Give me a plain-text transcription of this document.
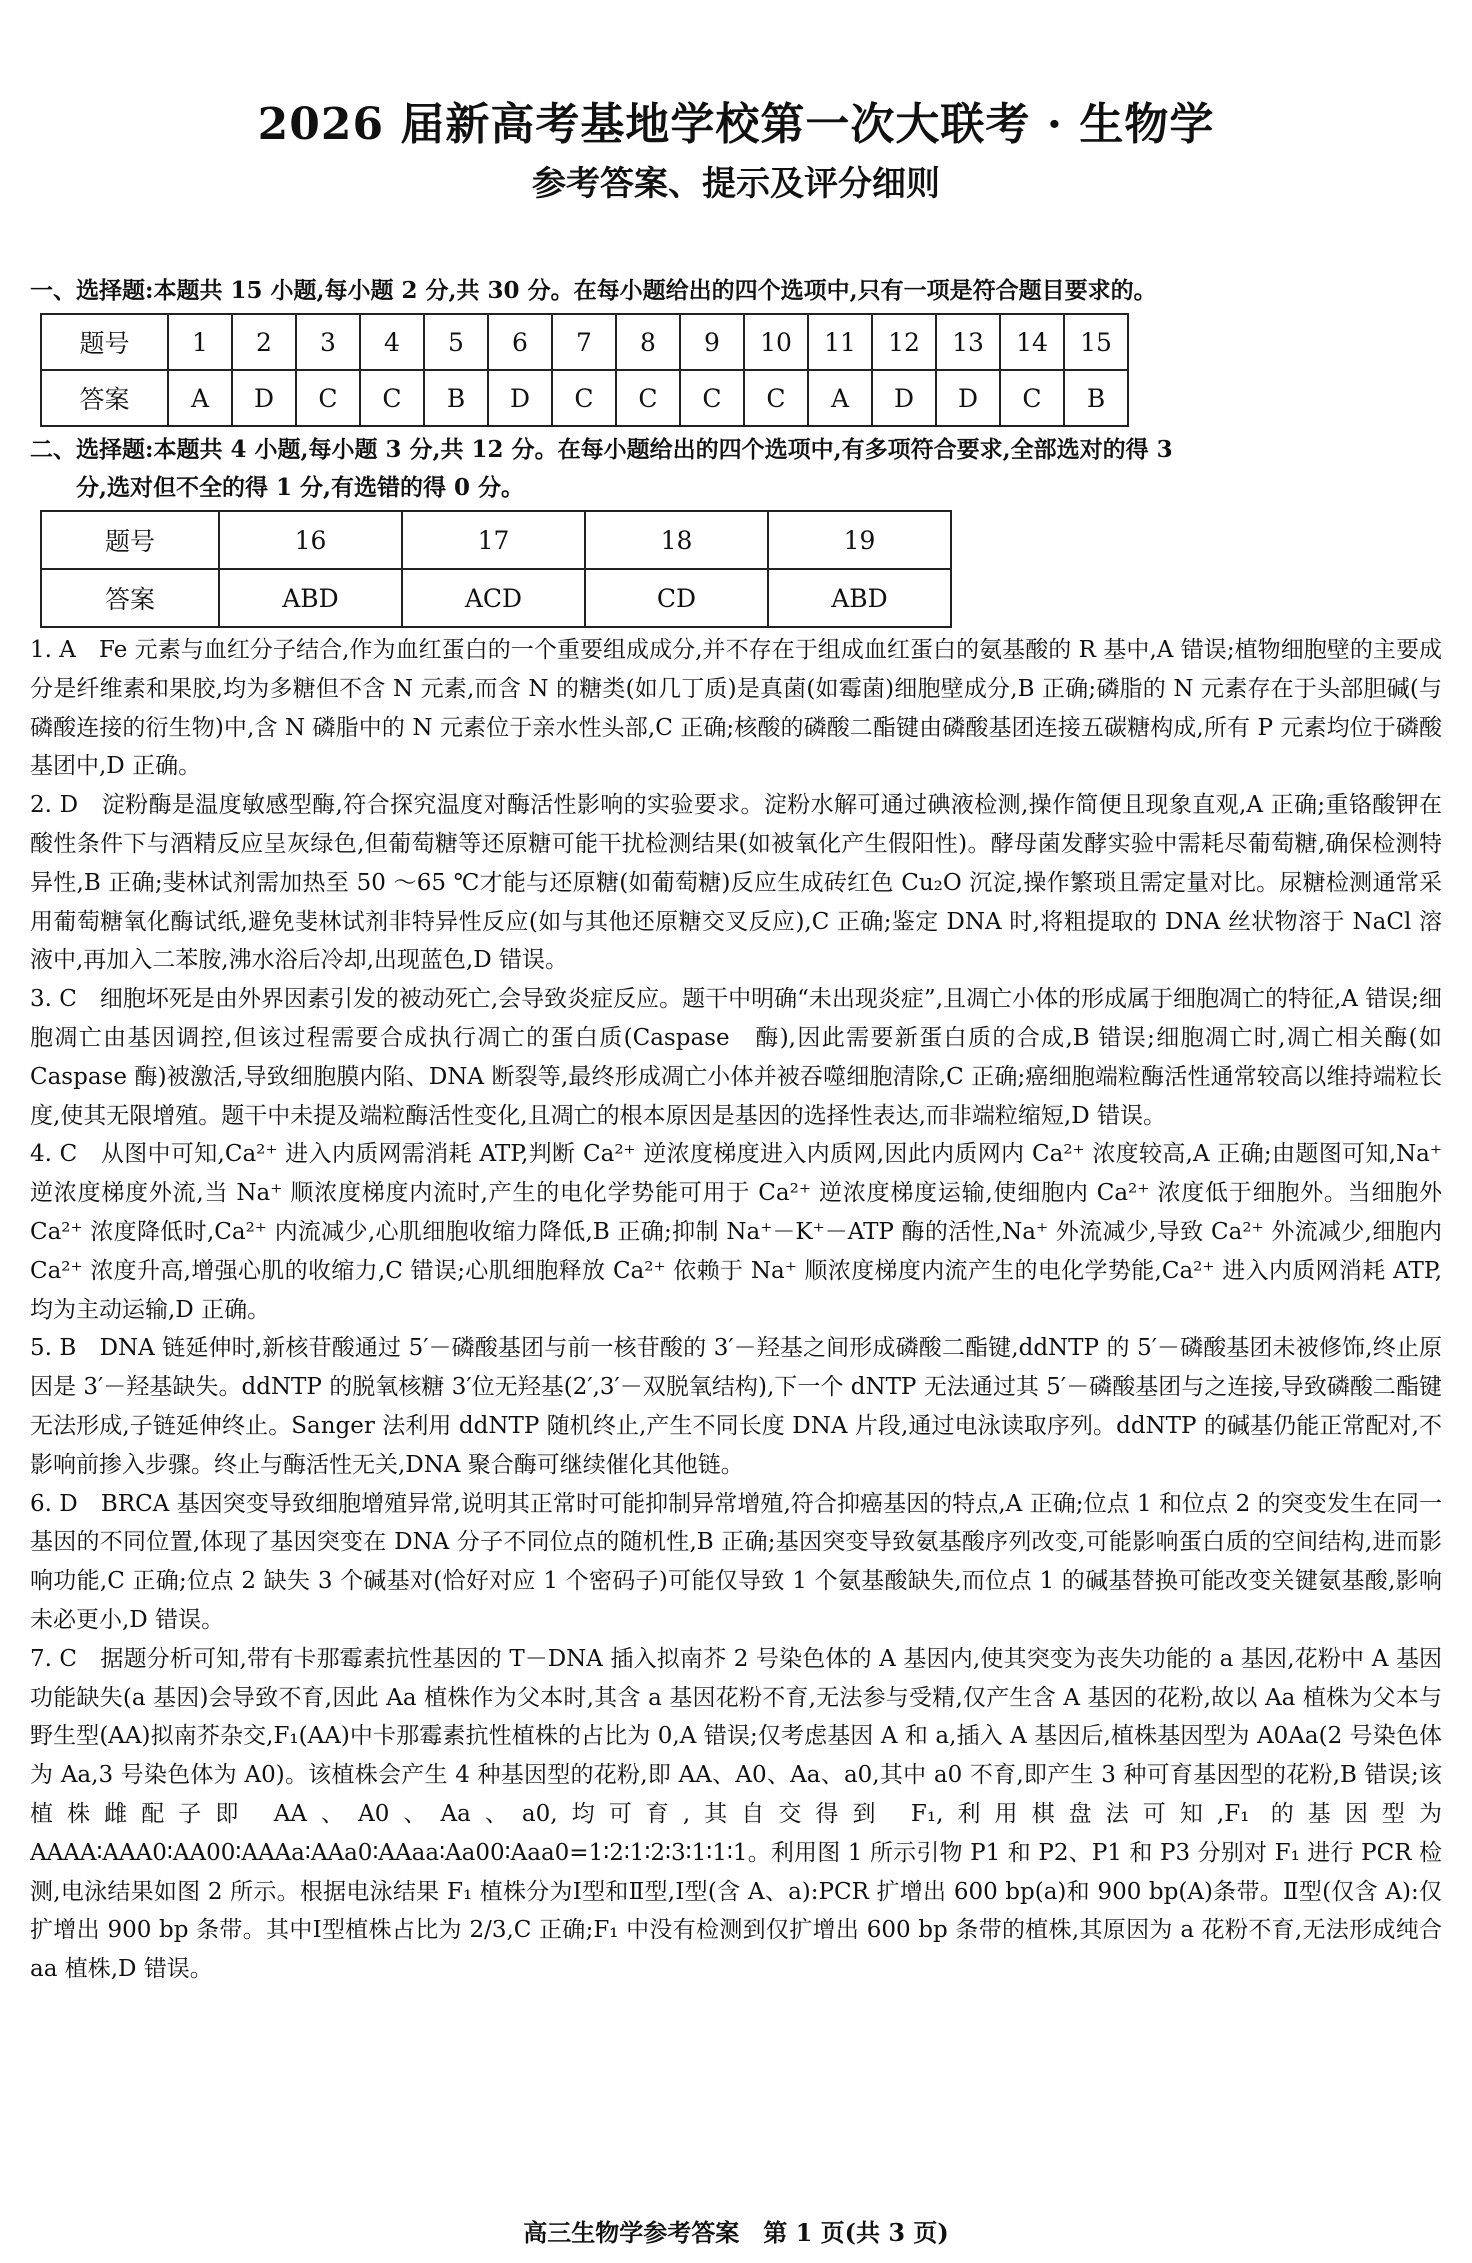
2026 届新高考基地学校第一次大联考 · 生物学
参考答案、提示及评分细则
一、选择题:本题共 15 小题,每小题 2 分,共 30 分。在每小题给出的四个选项中,只有一项是符合题目要求的。
题号	1	2	3	4	5	6	7	8	9	10	11	12	13	14	15
答案	A	D	C	C	B	D	C	C	C	C	A	D	D	C	B
二、选择题:本题共 4 小题,每小题 3 分,共 12 分。在每小题给出的四个选项中,有多项符合要求,全部选对的得 3
分,选对但不全的得 1 分,有选错的得 0 分。
题号	16	17	18	19
答案	ABD	ACD	CD	ABD

1. A　Fe 元素与血红分子结合,作为血红蛋白的一个重要组成成分,并不存在于组成血红蛋白的氨基酸的 R 基中,A 错误;植物细胞壁的主要成分是纤维素和果胶,均为多糖但不含 N 元素,而含 N 的糖类(如几丁质)是真菌(如霉菌)细胞壁成分,B 正确;磷脂的 N 元素存在于头部胆碱(与磷酸连接的衍生物)中,含 N 磷脂中的 N 元素位于亲水性头部,C 正确;核酸的磷酸二酯键由磷酸基团连接五碳糖构成,所有 P 元素均位于磷酸基团中,D 正确。

2. D　淀粉酶是温度敏感型酶,符合探究温度对酶活性影响的实验要求。淀粉水解可通过碘液检测,操作简便且现象直观,A 正确;重铬酸钾在酸性条件下与酒精反应呈灰绿色,但葡萄糖等还原糖可能干扰检测结果(如被氧化产生假阳性)。酵母菌发酵实验中需耗尽葡萄糖,确保检测特异性,B 正确;斐林试剂需加热至 50 ～65 ℃才能与还原糖(如葡萄糖)反应生成砖红色 Cu₂O 沉淀,操作繁琐且需定量对比。尿糖检测通常采用葡萄糖氧化酶试纸,避免斐林试剂非特异性反应(如与其他还原糖交叉反应),C 正确;鉴定 DNA 时,将粗提取的 DNA 丝状物溶于 NaCl 溶液中,再加入二苯胺,沸水浴后冷却,出现蓝色,D 错误。

3. C　细胞坏死是由外界因素引发的被动死亡,会导致炎症反应。题干中明确“未出现炎症”,且凋亡小体的形成属于细胞凋亡的特征,A 错误;细胞凋亡由基因调控,但该过程需要合成执行凋亡的蛋白质(Caspase　酶),因此需要新蛋白质的合成,B 错误;细胞凋亡时,凋亡相关酶(如 Caspase 酶)被激活,导致细胞膜内陷、DNA 断裂等,最终形成凋亡小体并被吞噬细胞清除,C 正确;癌细胞端粒酶活性通常较高以维持端粒长度,使其无限增殖。题干中未提及端粒酶活性变化,且凋亡的根本原因是基因的选择性表达,而非端粒缩短,D 错误。

4. C　从图中可知,Ca²⁺ 进入内质网需消耗 ATP,判断 Ca²⁺ 逆浓度梯度进入内质网,因此内质网内 Ca²⁺ 浓度较高,A 正确;由题图可知,Na⁺ 逆浓度梯度外流,当 Na⁺ 顺浓度梯度内流时,产生的电化学势能可用于 Ca²⁺ 逆浓度梯度运输,使细胞内 Ca²⁺ 浓度低于细胞外。当细胞外 Ca²⁺ 浓度降低时,Ca²⁺ 内流减少,心肌细胞收缩力降低,B 正确;抑制 Na⁺－K⁺－ATP 酶的活性,Na⁺ 外流减少,导致 Ca²⁺ 外流减少,细胞内 Ca²⁺ 浓度升高,增强心肌的收缩力,C 错误;心肌细胞释放 Ca²⁺ 依赖于 Na⁺ 顺浓度梯度内流产生的电化学势能,Ca²⁺ 进入内质网消耗 ATP,均为主动运输,D 正确。

5. B　DNA 链延伸时,新核苷酸通过 5′－磷酸基团与前一核苷酸的 3′－羟基之间形成磷酸二酯键,ddNTP 的 5′－磷酸基团未被修饰,终止原因是 3′－羟基缺失。ddNTP 的脱氧核糖 3′位无羟基(2′,3′－双脱氧结构),下一个 dNTP 无法通过其 5′－磷酸基团与之连接,导致磷酸二酯键无法形成,子链延伸终止。Sanger 法利用 ddNTP 随机终止,产生不同长度 DNA 片段,通过电泳读取序列。ddNTP 的碱基仍能正常配对,不影响前掺入步骤。终止与酶活性无关,DNA 聚合酶可继续催化其他链。

6. D　BRCA 基因突变导致细胞增殖异常,说明其正常时可能抑制异常增殖,符合抑癌基因的特点,A 正确;位点 1 和位点 2 的突变发生在同一基因的不同位置,体现了基因突变在 DNA 分子不同位点的随机性,B 正确;基因突变导致氨基酸序列改变,可能影响蛋白质的空间结构,进而影响功能,C 正确;位点 2 缺失 3 个碱基对(恰好对应 1 个密码子)可能仅导致 1 个氨基酸缺失,而位点 1 的碱基替换可能改变关键氨基酸,影响未必更小,D 错误。

7. C　据题分析可知,带有卡那霉素抗性基因的 T－DNA 插入拟南芥 2 号染色体的 A 基因内,使其突变为丧失功能的 a 基因,花粉中 A 基因功能缺失(a 基因)会导致不育,因此 Aa 植株作为父本时,其含 a 基因花粉不育,无法参与受精,仅产生含 A 基因的花粉,故以 Aa 植株为父本与野生型(AA)拟南芥杂交,F₁(AA)中卡那霉素抗性植株的占比为 0,A 错误;仅考虑基因 A 和 a,插入 A 基因后,植株基因型为 A0Aa(2 号染色体为 Aa,3 号染色体为 A0)。该植株会产生 4 种基因型的花粉,即 AA、A0、Aa、a0,其中 a0 不育,即产生 3 种可育基因型的花粉,B 错误;该植株雌配子即 AA、A0、Aa、a0,均可育,其自交得到 F₁,利用棋盘法可知,F₁ 的基因型为 AAAA∶AAA0∶AA00∶AAAa∶AAa0∶AAaa∶Aa00∶Aaa0=1∶2∶1∶2∶3∶1∶1∶1。利用图 1 所示引物 P1 和 P2、P1 和 P3 分别对 F₁ 进行 PCR 检测,电泳结果如图 2 所示。根据电泳结果 F₁ 植株分为Ⅰ型和Ⅱ型,Ⅰ型(含 A、a):PCR 扩增出 600 bp(a)和 900 bp(A)条带。Ⅱ型(仅含 A):仅扩增出 900 bp 条带。其中Ⅰ型植株占比为 2/3,C 正确;F₁ 中没有检测到仅扩增出 600 bp 条带的植株,其原因为 a 花粉不育,无法形成纯合 aa 植株,D 错误。

高三生物学参考答案　第 1 页(共 3 页)
